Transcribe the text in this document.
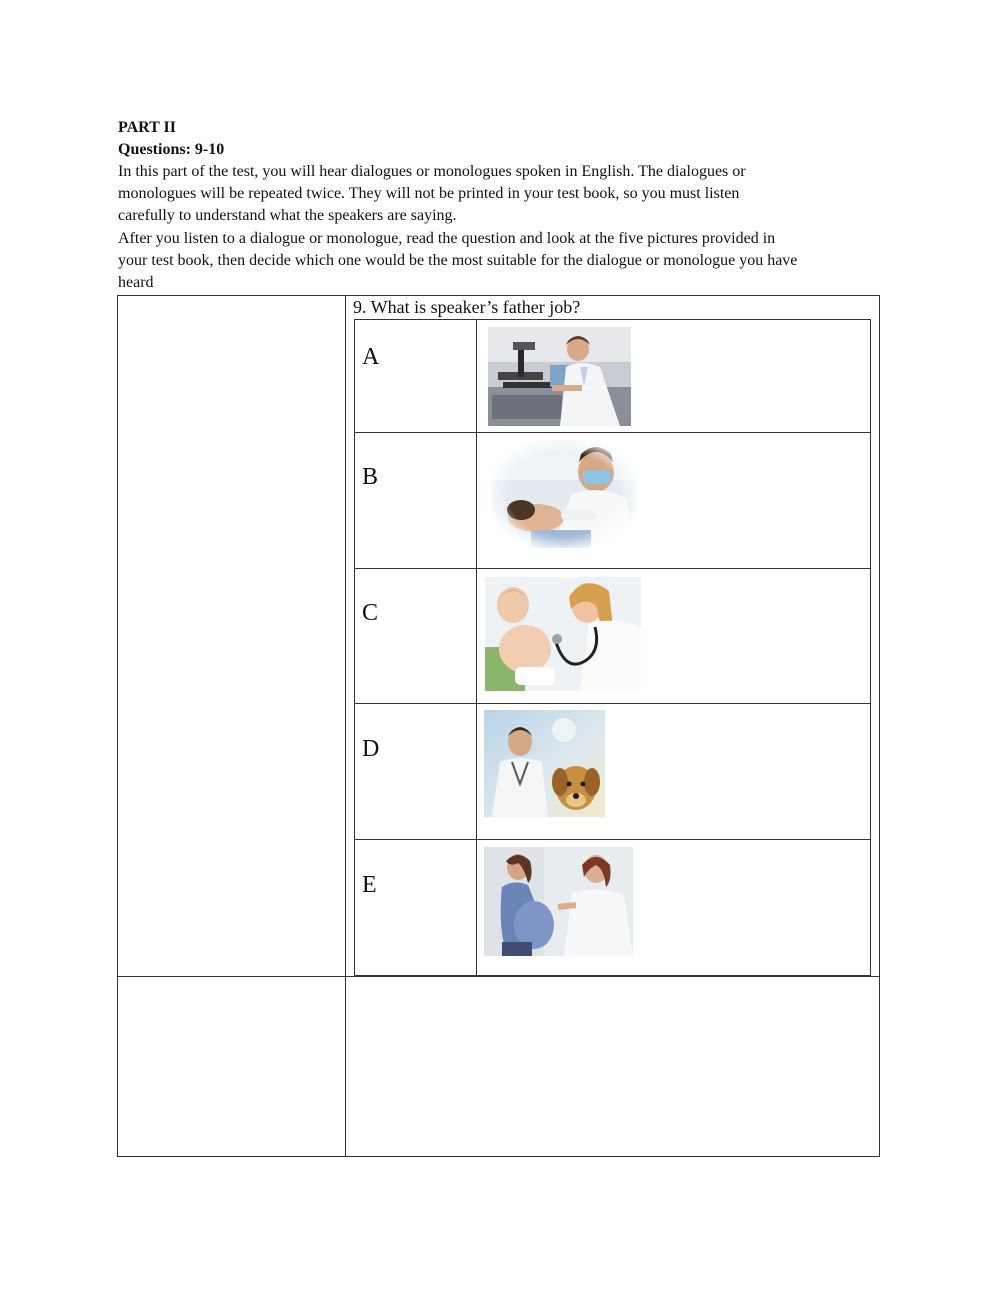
PART II
Questions: 9-10
In this part of the test, you will hear dialogues or monologues spoken in English. The dialogues or
monologues will be repeated twice. They will not be printed in your test book, so you must listen
carefully to understand what the speakers are saying.
After you listen to a dialogue or monologue, read the question and look at the five pictures provided in
your test book, then decide which one would be the most suitable for the dialogue or monologue you have
heard
9. What is speaker’s father job?
A
B
C
D
E
